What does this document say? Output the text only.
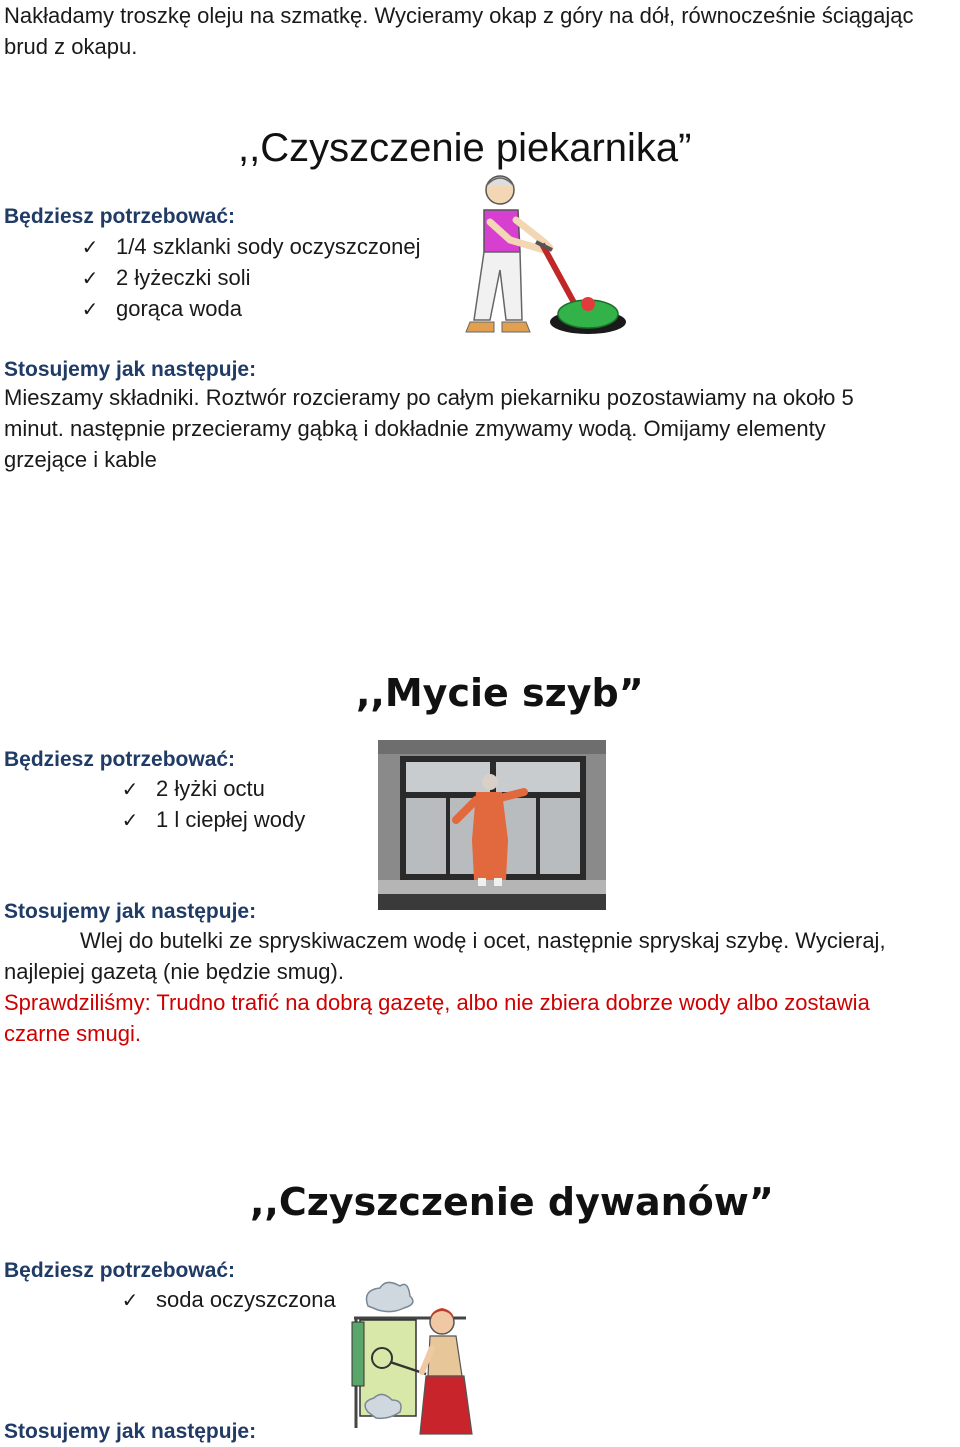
Nakładamy troszkę oleju na szmatkę. Wycieramy okap z góry na dół, równocześnie ściągając
brud z okapu.
,,Czyszczenie piekarnika”
Będziesz potrzebować:
✓ 1/4 szklanki sody oczyszczonej
✓ 2 łyżeczki soli
✓ gorąca woda
Stosujemy jak następuje:
Mieszamy składniki. Roztwór rozcieramy po całym piekarniku pozostawiamy na około 5
minut. następnie przecieramy gąbką i dokładnie zmywamy wodą. Omijamy elementy
grzejące i kable
,,Mycie szyb”
Będziesz potrzebować:
✓ 2 łyżki octu
✓ 1 l ciepłej wody
Stosujemy jak następuje:
Wlej do butelki ze spryskiwaczem wodę i ocet, następnie spryskaj szybę. Wycieraj,
najlepiej gazetą (nie będzie smug).
Sprawdziliśmy: Trudno trafić na dobrą gazetę, albo nie zbiera dobrze wody albo zostawia
czarne smugi.
,,Czyszczenie dywanów”
Będziesz potrzebować:
✓ soda oczyszczona
Stosujemy jak następuje:
